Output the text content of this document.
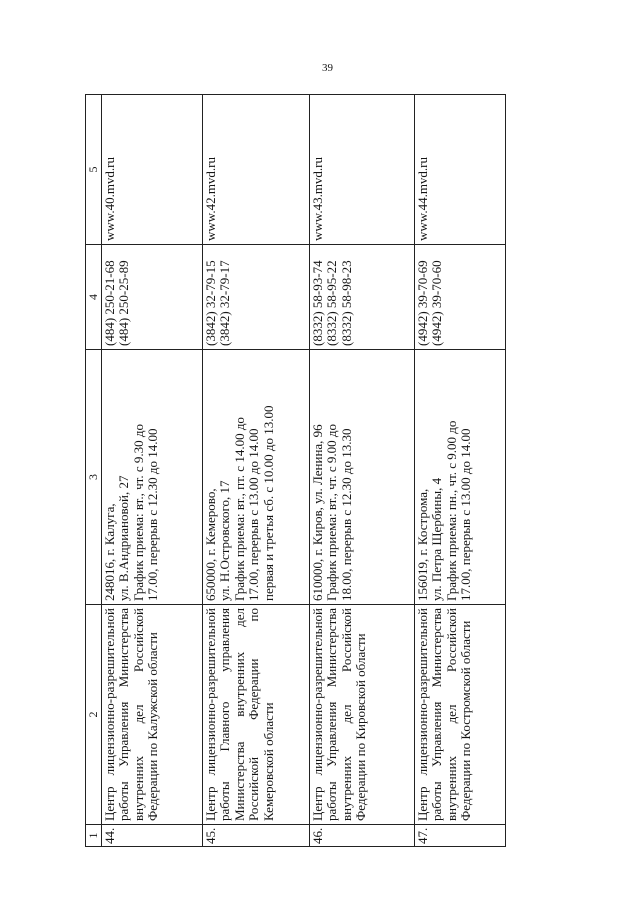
39
1	2	3	4	5
44.	Центр лицензионно-разрешительной работы Управления Министерства внутренних дел Российской Федерации по Калужской области	248016, г. Калуга, ул. В.Андриановой, 27 График приема: вт., чт. с 9.30 до 17.00, перерыв с 12.30 до 14.00	(484) 250-21-68 (484) 250-25-89	www.40.mvd.ru
45.	Центр лицензионно-разрешительной работы Главного управления Министерства внутренних дел Российской Федерации по Кемеровской области	650000, г. Кемерово, ул. Н.Островского, 17 График приема: вт., пт. с 14.00 до 17.00, перерыв с 13.00 до 14.00 первая и третья сб. с 10.00 до 13.00	(3842) 32-79-15 (3842) 32-79-17	www.42.mvd.ru
46.	Центр лицензионно-разрешительной работы Управления Министерства внутренних дел Российской Федерации по Кировской области	610000, г. Киров, ул. Ленина, 96 График приема: вт., чт. с 9.00 до 18.00, перерыв с 12.30 до 13.30	(8332) 58-93-74 (8332) 58-95-22 (8332) 58-98-23	www.43.mvd.ru
47.	Центр лицензионно-разрешительной работы Управления Министерства внутренних дел Российской Федерации по Костромской области	156019, г. Кострома, ул. Петра Щербины, 4 График приема: пн., чт. с 9.00 до 17.00, перерыв с 13.00 до 14.00	(4942) 39-70-69 (4942) 39-70-60	www.44.mvd.ru
